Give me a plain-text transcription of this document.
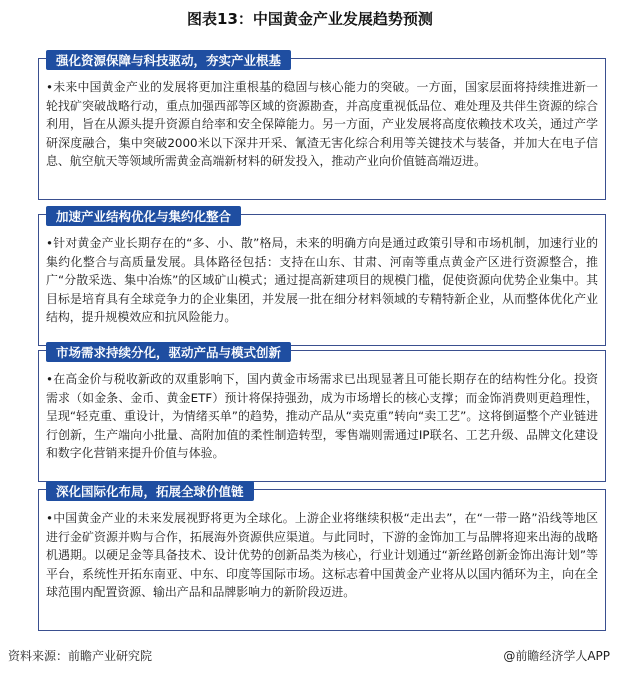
图表13：中国黄金产业发展趋势预测
强化资源保障与科技驱动，夯实产业根基
•未来中国黄金产业的发展将更加注重根基的稳固与核心能力的突破。一方面，国家层面将持续推进新一轮找矿突破战略行动，重点加强西部等区域的资源勘查，并高度重视低品位、难处理及共伴生资源的综合利用，旨在从源头提升资源自给率和安全保障能力。另一方面，产业发展将高度依赖技术攻关，通过产学研深度融合，集中突破2000米以下深井开采、氰渣无害化综合利用等关键技术与装备，并加大在电子信息、航空航天等领域所需黄金高端新材料的研发投入，推动产业向价值链高端迈进。
加速产业结构优化与集约化整合
•针对黄金产业长期存在的“多、小、散”格局，未来的明确方向是通过政策引导和市场机制，加速行业的集约化整合与高质量发展。具体路径包括：支持在山东、甘肃、河南等重点黄金产区进行资源整合，推广“分散采选、集中冶炼”的区域矿山模式；通过提高新建项目的规模门槛，促使资源向优势企业集中。其目标是培育具有全球竞争力的企业集团，并发展一批在细分材料领域的专精特新企业，从而整体优化产业结构，提升规模效应和抗风险能力。
市场需求持续分化，驱动产品与模式创新
•在高金价与税收新政的双重影响下，国内黄金市场需求已出现显著且可能长期存在的结构性分化。投资需求（如金条、金币、黄金ETF）预计将保持强劲，成为市场增长的核心支撑；而金饰消费则更趋理性，呈现“轻克重、重设计，为情绪买单”的趋势，推动产品从“卖克重”转向“卖工艺”。这将倒逼整个产业链进行创新，生产端向小批量、高附加值的柔性制造转型，零售端则需通过IP联名、工艺升级、品牌文化建设和数字化营销来提升价值与体验。
深化国际化布局，拓展全球价值链
•中国黄金产业的未来发展视野将更为全球化。上游企业将继续积极“走出去”，在“一带一路”沿线等地区进行金矿资源并购与合作，拓展海外资源供应渠道。与此同时，下游的金饰加工与品牌将迎来出海的战略机遇期。以硬足金等具备技术、设计优势的创新品类为核心，行业计划通过“新丝路创新金饰出海计划”等平台，系统性开拓东南亚、中东、印度等国际市场。这标志着中国黄金产业将从以国内循环为主，向在全球范围内配置资源、输出产品和品牌影响力的新阶段迈进。
资料来源：前瞻产业研究院	@前瞻经济学人APP
